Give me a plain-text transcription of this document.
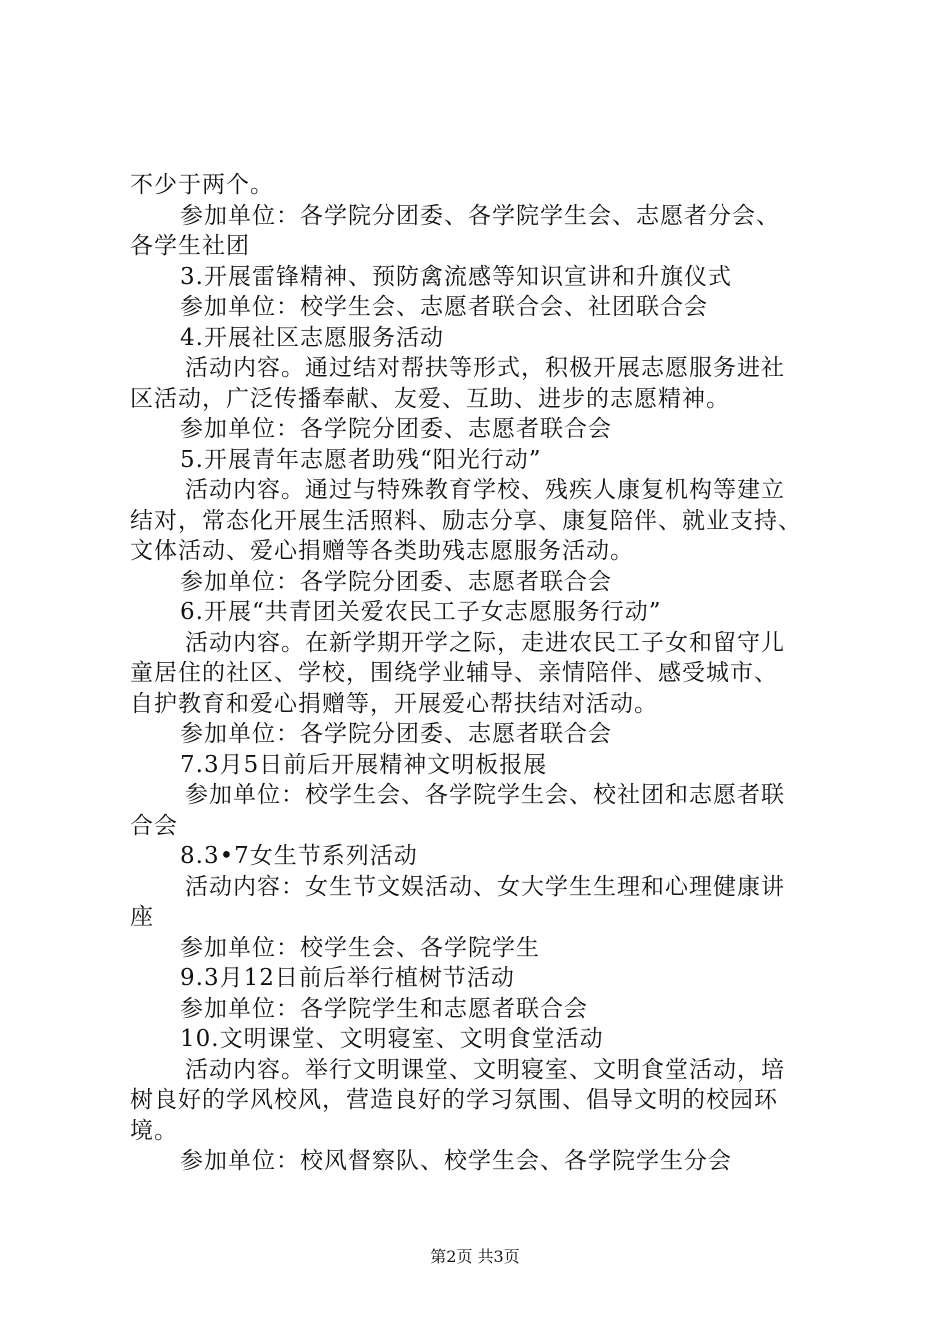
不少于两个。

参加单位：各学院分团委、各学院学生会、志愿者分会、

各学生社团

3.开展雷锋精神、预防禽流感等知识宣讲和升旗仪式

参加单位：校学生会、志愿者联合会、社团联合会

4.开展社区志愿服务活动

活动内容。通过结对帮扶等形式，积极开展志愿服务进社

区活动，广泛传播奉献、友爱、互助、进步的志愿精神。

参加单位：各学院分团委、志愿者联合会

5.开展青年志愿者助残“阳光行动”

活动内容。通过与特殊教育学校、残疾人康复机构等建立

结对，常态化开展生活照料、励志分享、康复陪伴、就业支持、

文体活动、爱心捐赠等各类助残志愿服务活动。

参加单位：各学院分团委、志愿者联合会

6.开展“共青团关爱农民工子女志愿服务行动”

活动内容。在新学期开学之际，走进农民工子女和留守儿

童居住的社区、学校，围绕学业辅导、亲情陪伴、感受城市、

自护教育和爱心捐赠等，开展爱心帮扶结对活动。

参加单位：各学院分团委、志愿者联合会

7.3月5日前后开展精神文明板报展

参加单位：校学生会、各学院学生会、校社团和志愿者联

合会

8.3•7女生节系列活动

活动内容：女生节文娱活动、女大学生生理和心理健康讲

座

参加单位：校学生会、各学院学生

9.3月12日前后举行植树节活动

参加单位：各学院学生和志愿者联合会

10.文明课堂、文明寝室、文明食堂活动

活动内容。举行文明课堂、文明寝室、文明食堂活动，培

树良好的学风校风，营造良好的学习氛围、倡导文明的校园环

境。

参加单位：校风督察队、校学生会、各学院学生分会

第2页 共3页
